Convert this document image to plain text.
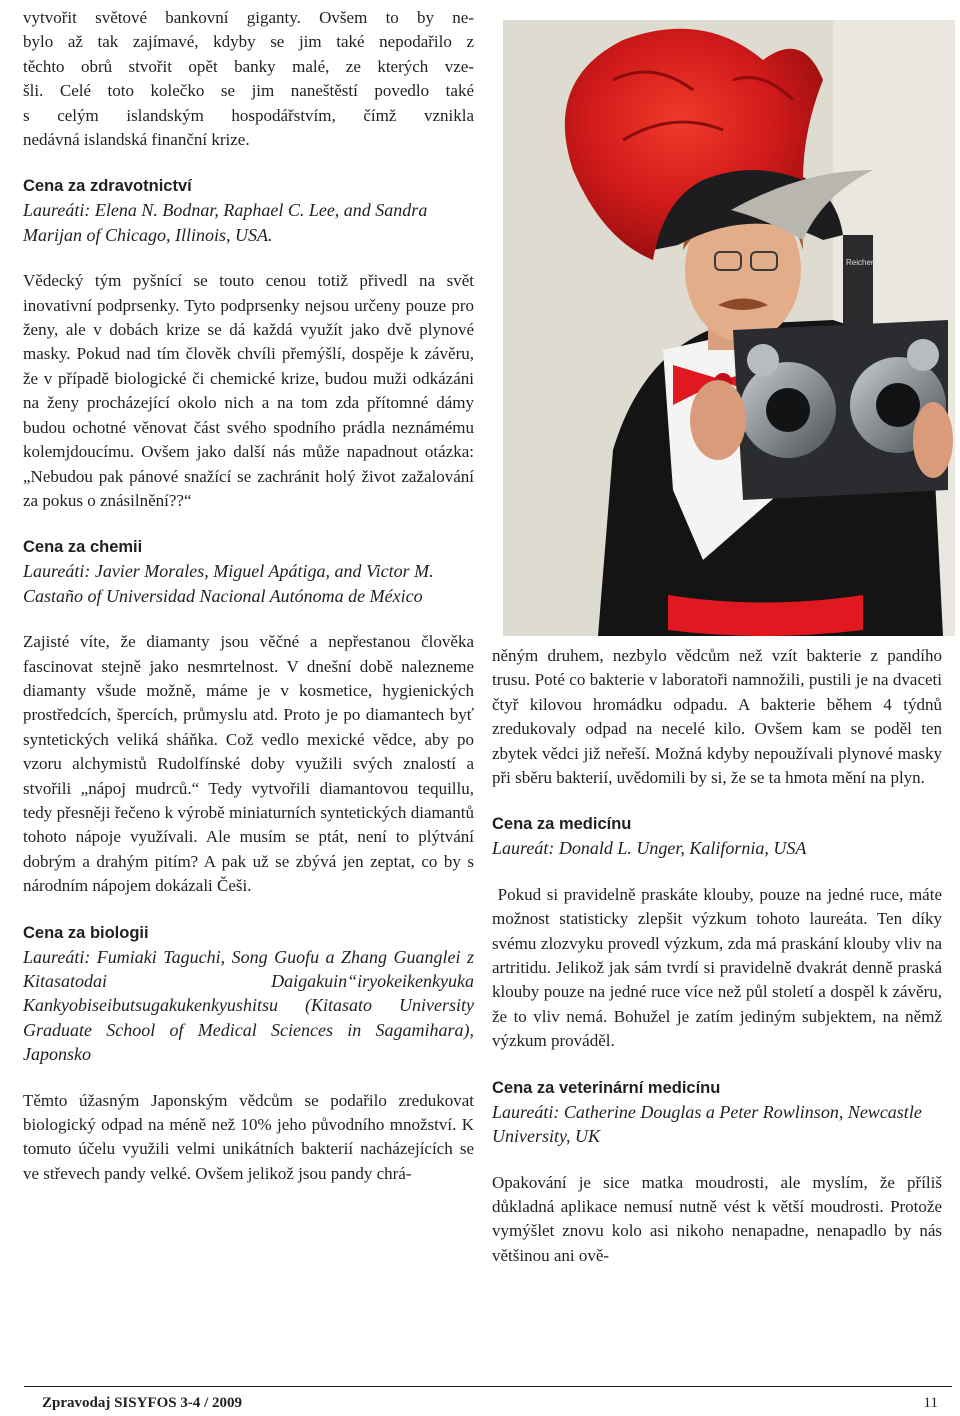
vytvořit světové bankovní giganty. Ovšem to by ne-
bylo až tak zajímavé, kdyby se jim také nepodařilo z
těchto obrů stvořit opět banky malé, ze kterých vze-
šli. Celé toto kolečko se jim naneštěstí povedlo také
s celým islandským hospodářstvím, čímž vznikla
nedávná islandská finanční krize.
Cena za zdravotnictví
Laureáti: Elena N. Bodnar, Raphael C. Lee, and Sandra Marijan of Chicago, Illinois, USA.

Vědecký tým pyšnící se touto cenou totiž přivedl na svět inovativní podprsenky. Tyto podprsenky nejsou určeny pouze pro ženy, ale v dobách krize se dá každá využít jako dvě plynové masky. Pokud nad tím člověk chvíli přemýšlí, dospěje k závěru, že v případě biologické či chemické krize, budou muži odkázáni na ženy procházející okolo nich a na tom zda přítomné dámy budou ochotné věnovat část svého spodního prádla neznámému kolemjdoucímu. Ovšem jako další nás může napadnout otázka: „Nebudou pak pánové snažící se zachránit holý život zažalování za pokus o znásilnění??“

Cena za chemii
Laureáti: Javier Morales, Miguel Apátiga, and Victor M. Castaño of Universidad Nacional Autónoma de México

Zajisté víte, že diamanty jsou věčné a nepřestanou člověka fascinovat stejně jako nesmrtelnost. V dnešní době nalezneme diamanty všude možně, máme je v kosmetice, hygienických prostředcích, špercích, průmyslu atd. Proto je po diamantech byť syntetických veliká sháňka. Což vedlo mexické vědce, aby po vzoru alchymistů Rudolfínské doby využili svých znalostí a stvořili „nápoj mudrců.“ Tedy vytvořili diamantovou tequillu, tedy přesněji řečeno k výrobě miniaturních syntetických diamantů tohoto nápoje využívali. Ale musím se ptát, není to plýtvání dobrým a drahým pitím? A pak už se zbývá jen zeptat, co by s národním nápojem dokázali Češi.

Cena za biologii
Laureáti: Fumiaki Taguchi, Song Guofu a Zhang Guanglei z Kitasatodai Daigakuin“iryokeikenkyuka Kankyobiseibutsugakukenkyushitsu (Kitasato University Graduate School of Medical Sciences in Sagamihara), Japonsko

Těmto úžasným Japonským vědcům se podařilo zredukovat biologický odpad na méně než 10% jeho původního množství. K tomuto účelu využili velmi unikátních bakterií nacházejících se ve střevech pandy velké. Ovšem jelikož jsou pandy chrá-

Reichert

něným druhem, nezbylo vědcům než vzít bakterie z pandího trusu. Poté co bakterie v laboratoři namnožili, pustili je na dvaceti čtyř kilovou hromádku odpadu. A bakterie během 4 týdnů zredukovaly odpad na necelé kilo. Ovšem kam se poděl ten zbytek vědci již neřeší. Možná kdyby nepoužívali plynové masky při sběru bakterií, uvědomili by si, že se ta hmota mění na plyn.

Cena za medicínu
Laureát: Donald L. Unger, Kalifornia, USA

Pokud si pravidelně praskáte klouby, pouze na jedné ruce, máte možnost statisticky zlepšit výzkum tohoto laureáta. Ten díky svému zlozvyku provedl výzkum, zda má praskání klouby vliv na artritidu. Jelikož jak sám tvrdí si pravidelně dvakrát denně praská klouby pouze na jedné ruce více než půl století a dospěl k závěru, že to vliv nemá. Bohužel je zatím jediným subjektem, na němž výzkum prováděl.

Cena za veterinární medicínu
Laureáti: Catherine Douglas a Peter Rowlinson, Newcastle University, UK

Opakování je sice matka moudrosti, ale myslím, že příliš důkladná aplikace nemusí nutně vést k větší moudrosti. Protože vymýšlet znovu kolo asi nikoho nenapadne, nenapadlo by nás většinou ani ově-

Zpravodaj SISYFOS 3-4 / 2009	11
